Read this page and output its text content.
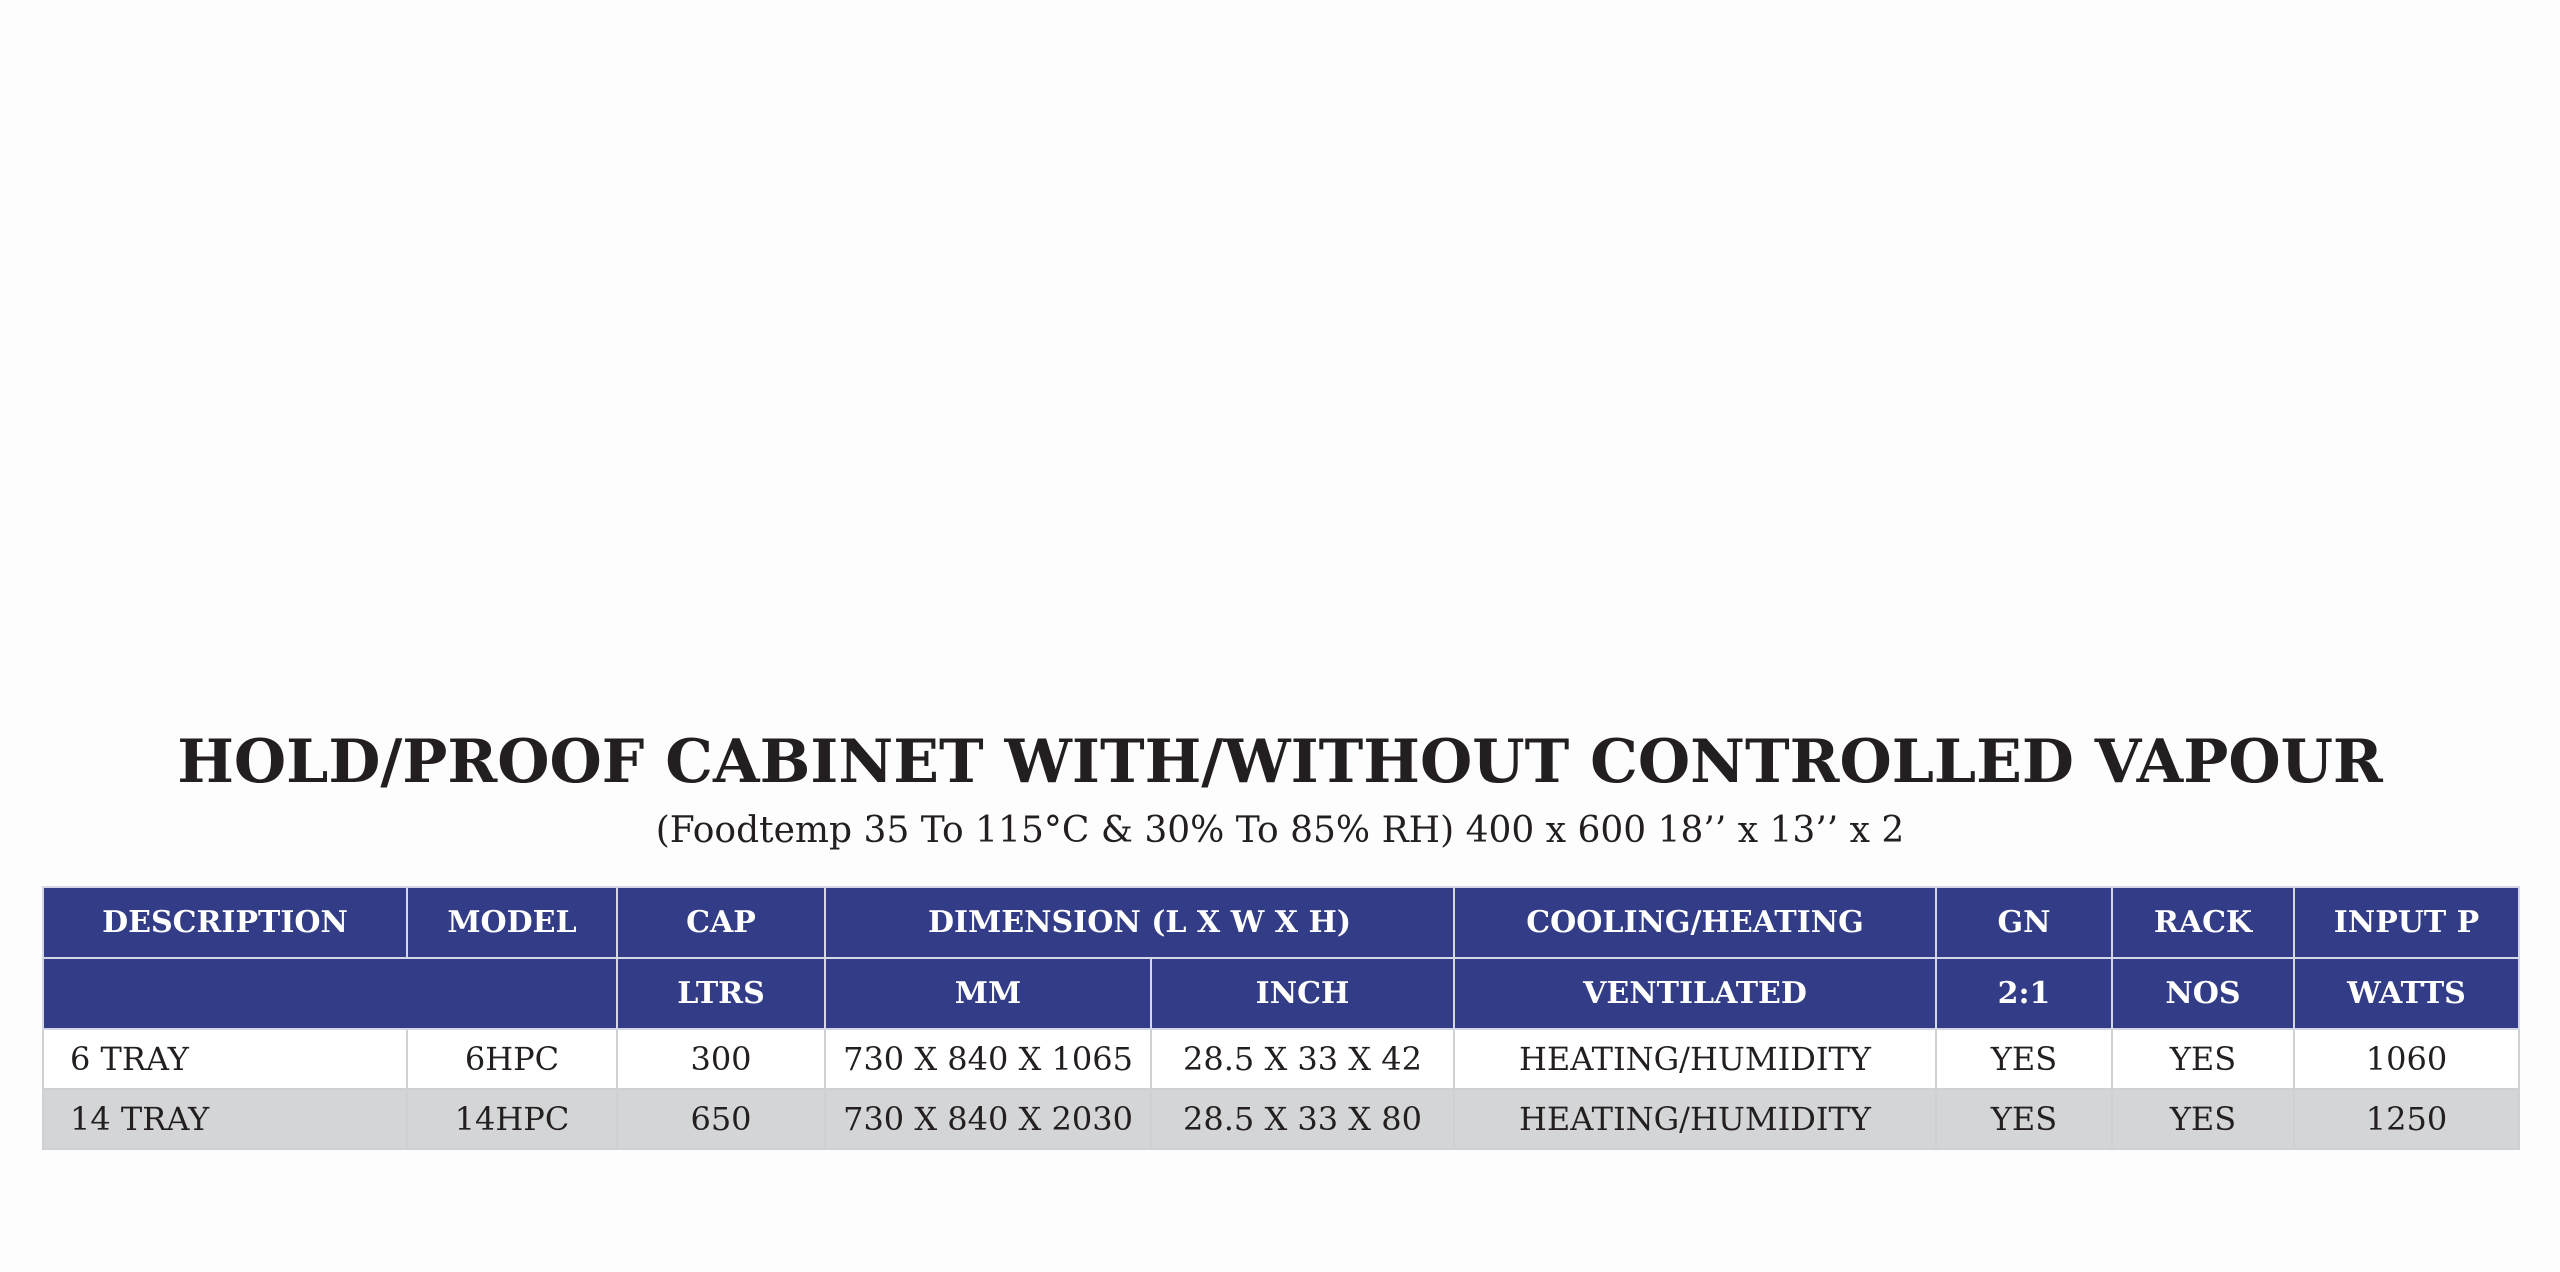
HOLD/PROOF CABINET WITH/WITHOUT CONTROLLED VAPOUR
(Foodtemp 35 To 115°C & 30% To 85% RH) 400 x 600 18’’ x 13’’ x 2
DESCRIPTION	MODEL	CAP	DIMENSION (L X W X H)		COOLING/HEATING	GN	RACK	INPUT P
		LTRS	MM	INCH	VENTILATED	2:1	NOS	WATTS
6 TRAY	6HPC	300	730 X 840 X 1065	28.5 X 33 X 42	HEATING/HUMIDITY	YES	YES	1060
14 TRAY	14HPC	650	730 X 840 X 2030	28.5 X 33 X 80	HEATING/HUMIDITY	YES	YES	1250
